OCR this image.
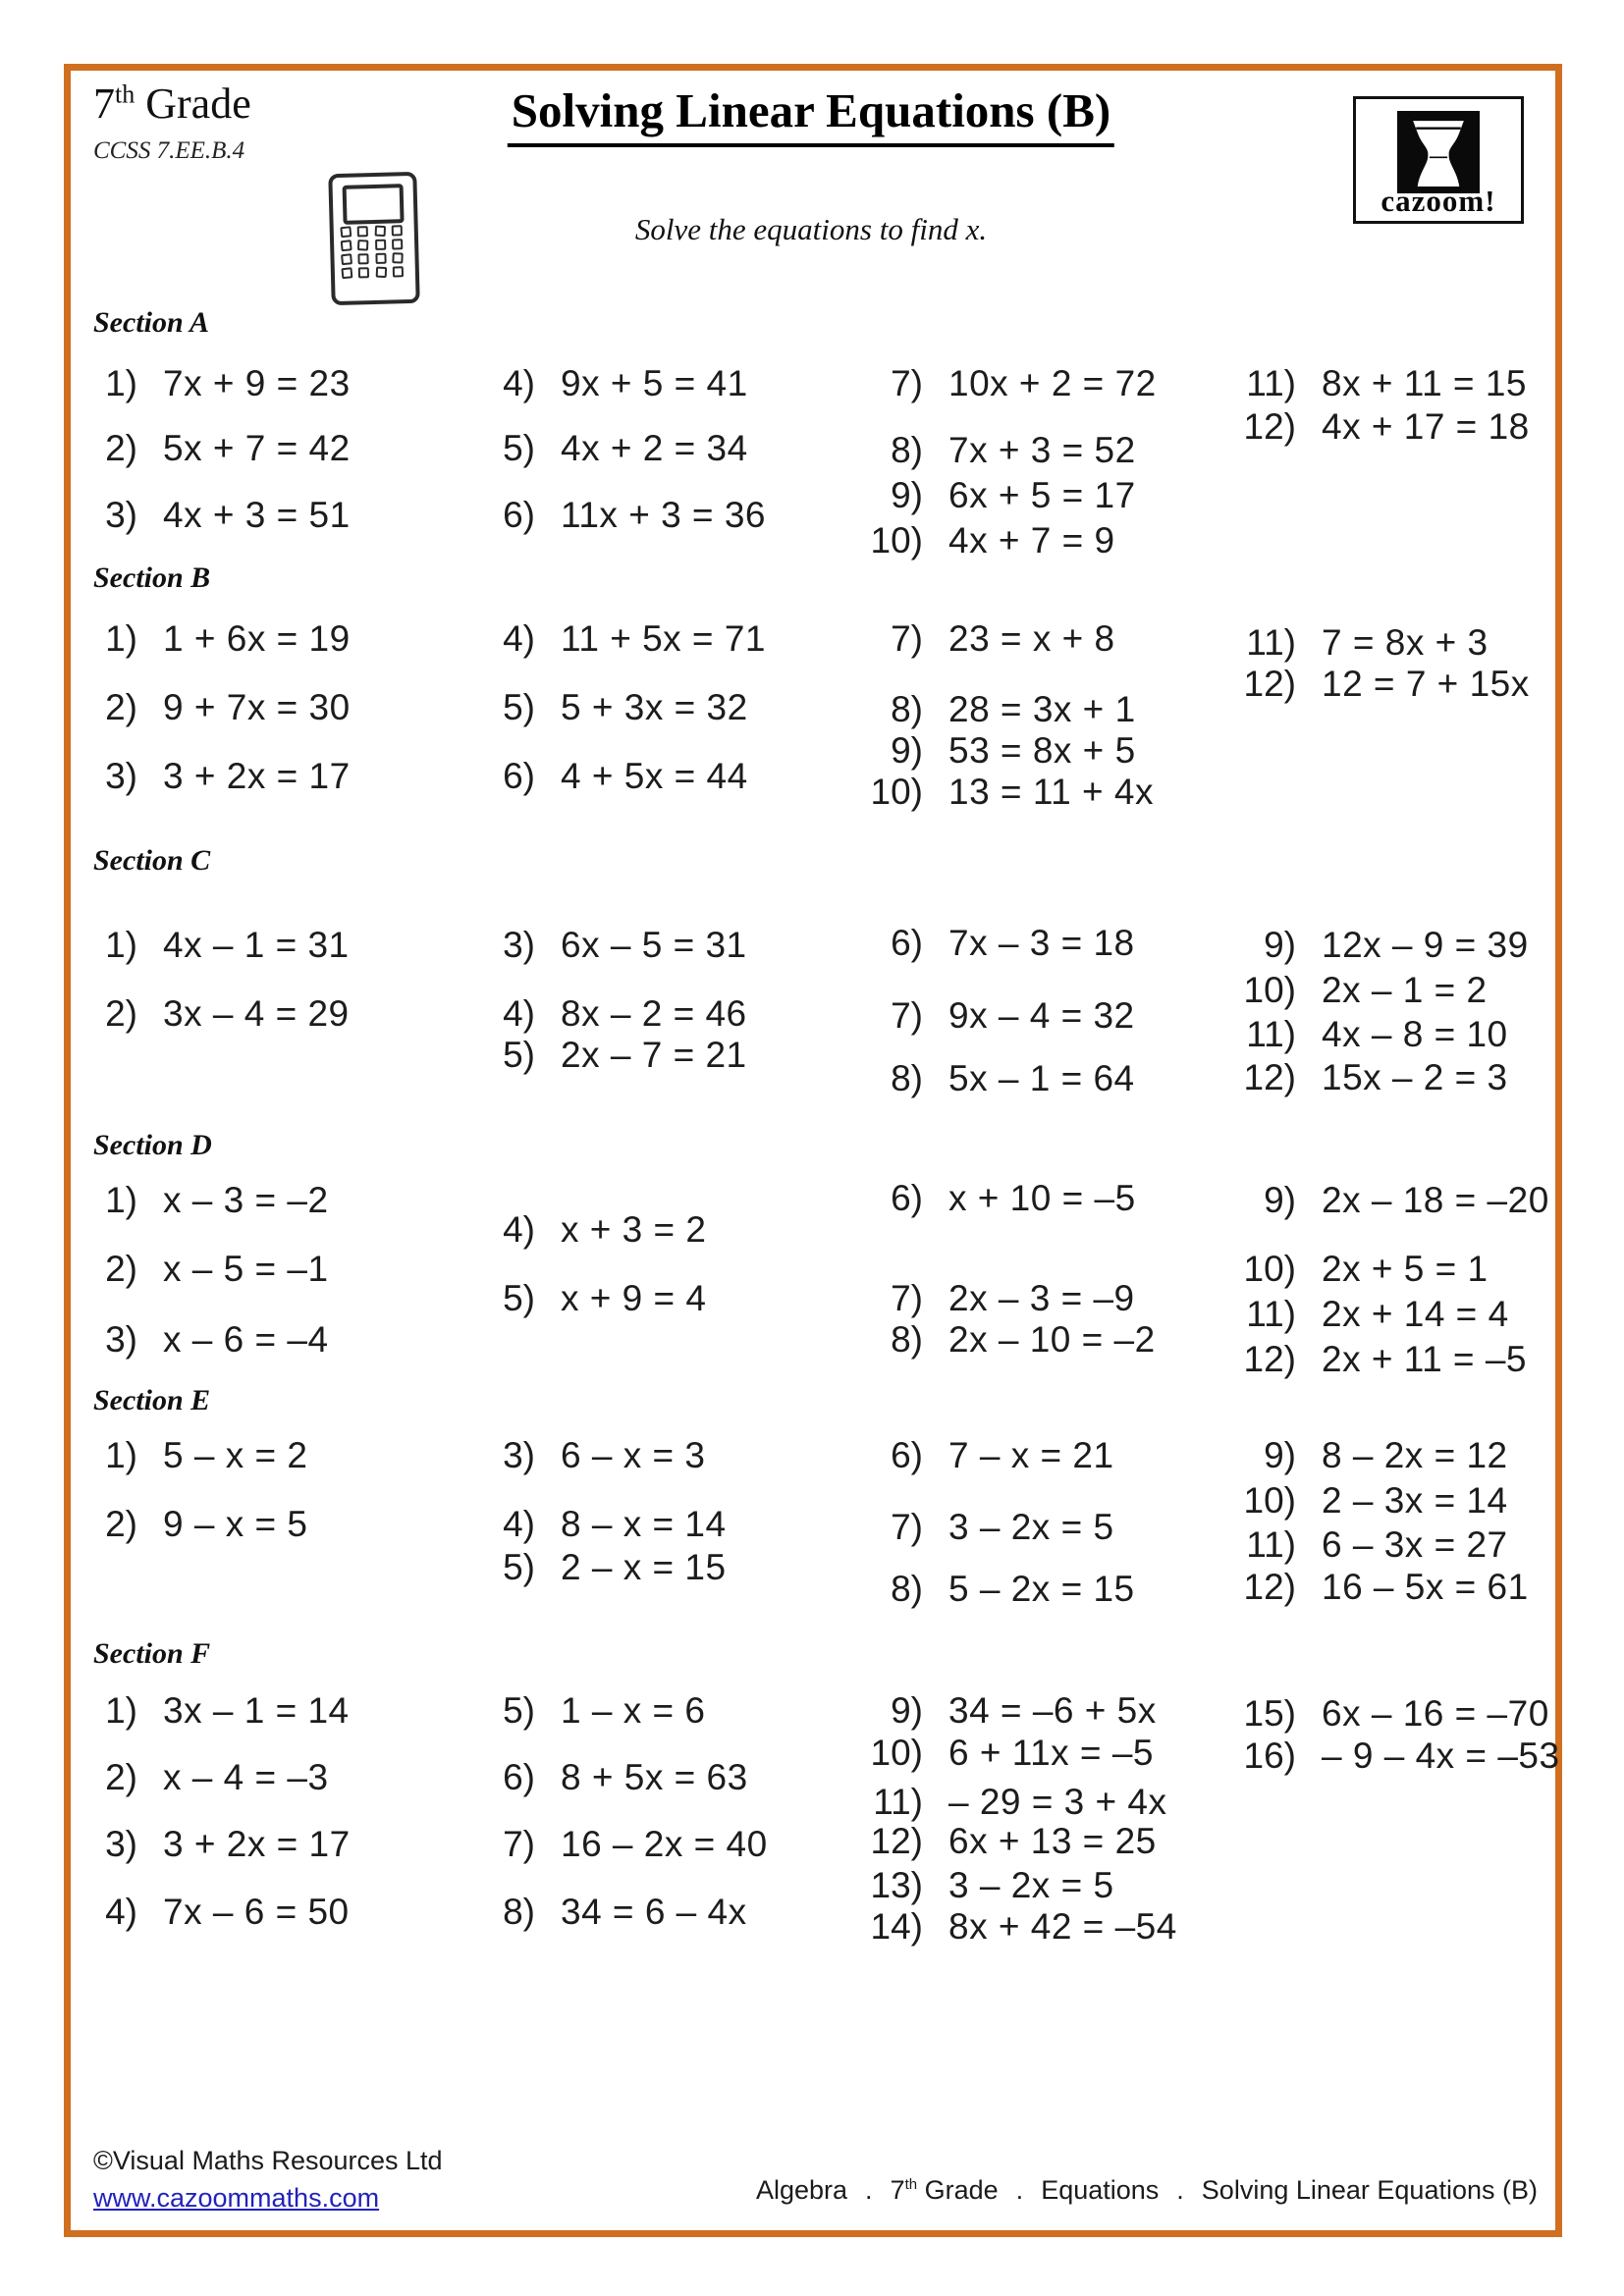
7th Grade
CCSS 7.EE.B.4
Solving Linear Equations (B)
Solve the equations to find x.
cazoom!
Section A
1) 7x + 9 = 23
2) 5x + 7 = 42
3) 4x + 3 = 51
4) 9x + 5 = 41
5) 4x + 2 = 34
6) 11x + 3 = 36
7) 10x + 2 = 72
8) 7x + 3 = 52
9) 6x + 5 = 17
10) 4x + 7 = 9
11) 8x + 11 = 15
12) 4x + 17 = 18
Section B
1) 1 + 6x = 19
2) 9 + 7x = 30
3) 3 + 2x = 17
4) 11 + 5x = 71
5) 5 + 3x = 32
6) 4 + 5x = 44
7) 23 = x + 8
8) 28 = 3x + 1
9) 53 = 8x + 5
10) 13 = 11 + 4x
11) 7 = 8x + 3
12) 12 = 7 + 15x
Section C
1) 4x – 1 = 31
2) 3x – 4 = 29
3) 6x – 5 = 31
4) 8x – 2 = 46
5) 2x – 7 = 21
6) 7x – 3 = 18
7) 9x – 4 = 32
8) 5x – 1 = 64
9) 12x – 9 = 39
10) 2x – 1 = 2
11) 4x – 8 = 10
12) 15x – 2 = 3
Section D
1) x – 3 = –2
2) x – 5 = –1
3) x – 6 = –4
4) x + 3 = 2
5) x + 9 = 4
6) x + 10 = –5
7) 2x – 3 = –9
8) 2x – 10 = –2
9) 2x – 18 = –20
10) 2x + 5 = 1
11) 2x + 14 = 4
12) 2x + 11 = –5
Section E
1) 5 – x = 2
2) 9 – x = 5
3) 6 – x = 3
4) 8 – x = 14
5) 2 – x = 15
6) 7 – x = 21
7) 3 – 2x = 5
8) 5 – 2x = 15
9) 8 – 2x = 12
10) 2 – 3x = 14
11) 6 – 3x = 27
12) 16 – 5x = 61
Section F
1) 3x – 1 = 14
2) x – 4 = –3
3) 3 + 2x = 17
4) 7x – 6 = 50
5) 1 – x = 6
6) 8 + 5x = 63
7) 16 – 2x = 40
8) 34 = 6 – 4x
9) 34 = –6 + 5x
10) 6 + 11x = –5
11) – 29 = 3 + 4x
12) 6x + 13 = 25
13) 3 – 2x = 5
14) 8x + 42 = –54
15) 6x – 16 = –70
16) – 9 – 4x = –53
©Visual Maths Resources Ltd
www.cazoommaths.com	Algebra . 7th Grade . Equations . Solving Linear Equations (B)
